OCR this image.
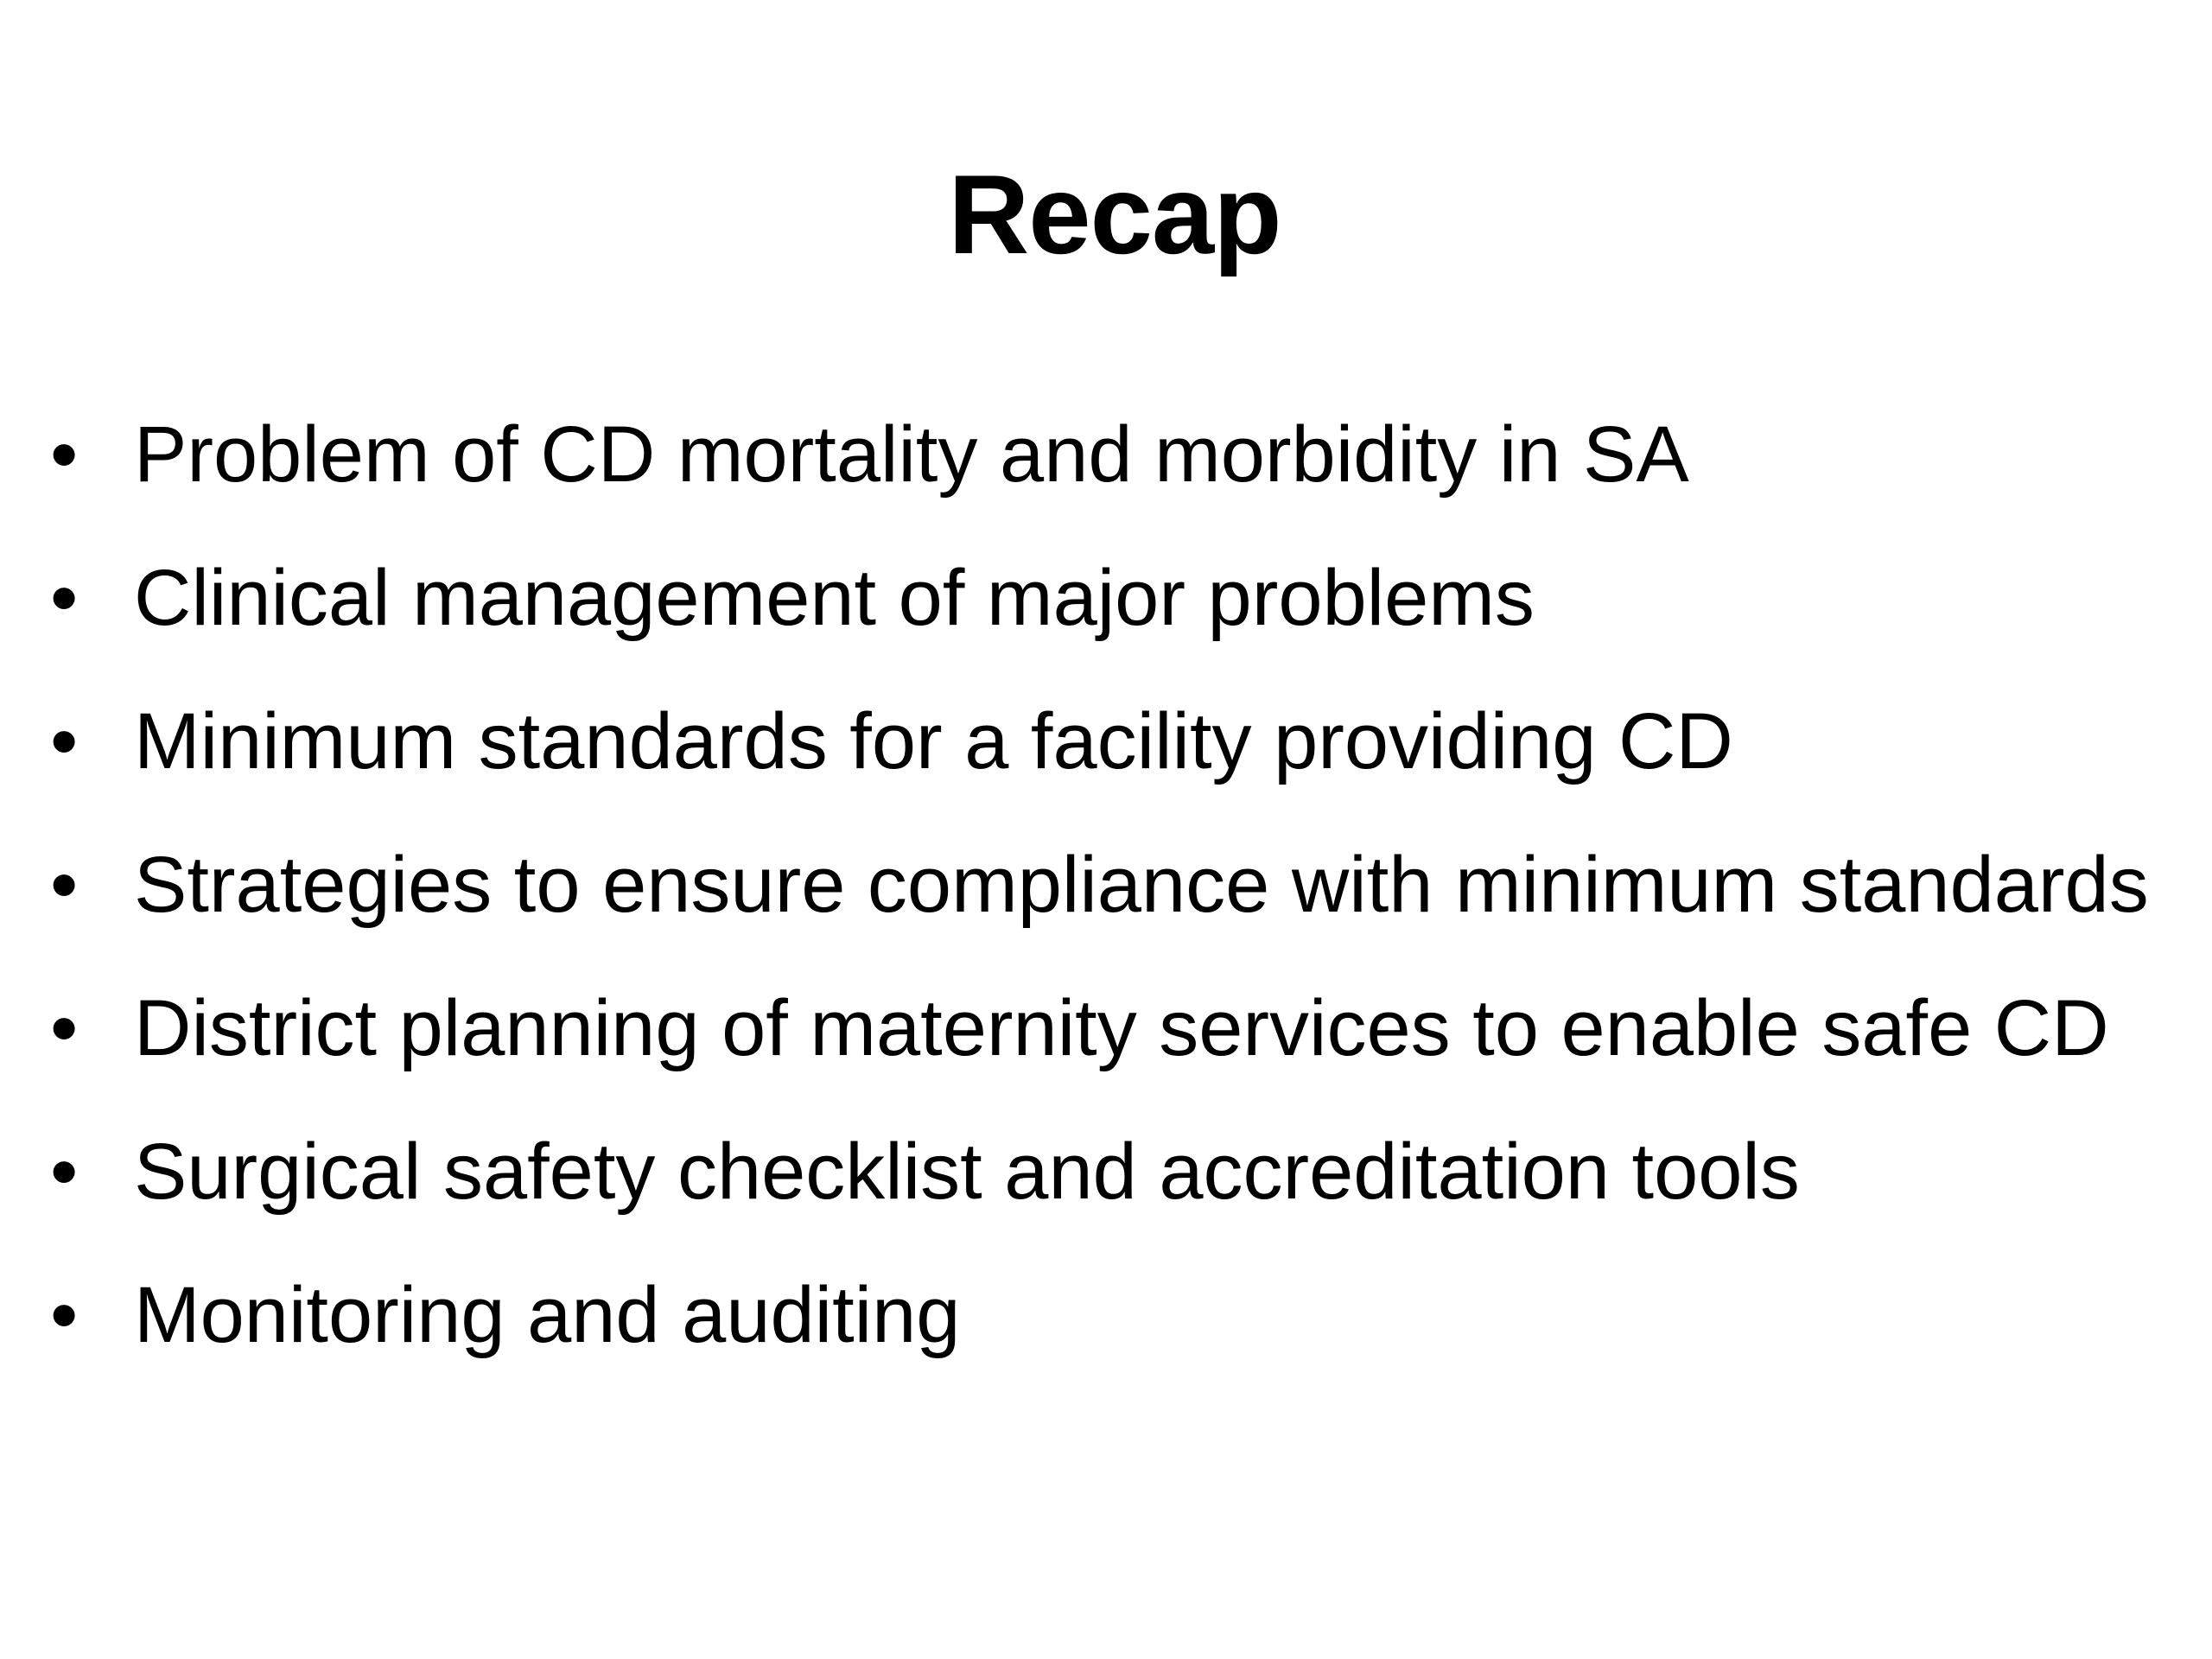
Recap
• Problem of CD mortality and morbidity in SA
• Clinical management of major problems
• Minimum standards for a facility providing CD
• Strategies to ensure compliance with minimum standards
• District planning of maternity services to enable safe CD
• Surgical safety checklist and accreditation tools
• Monitoring and auditing
